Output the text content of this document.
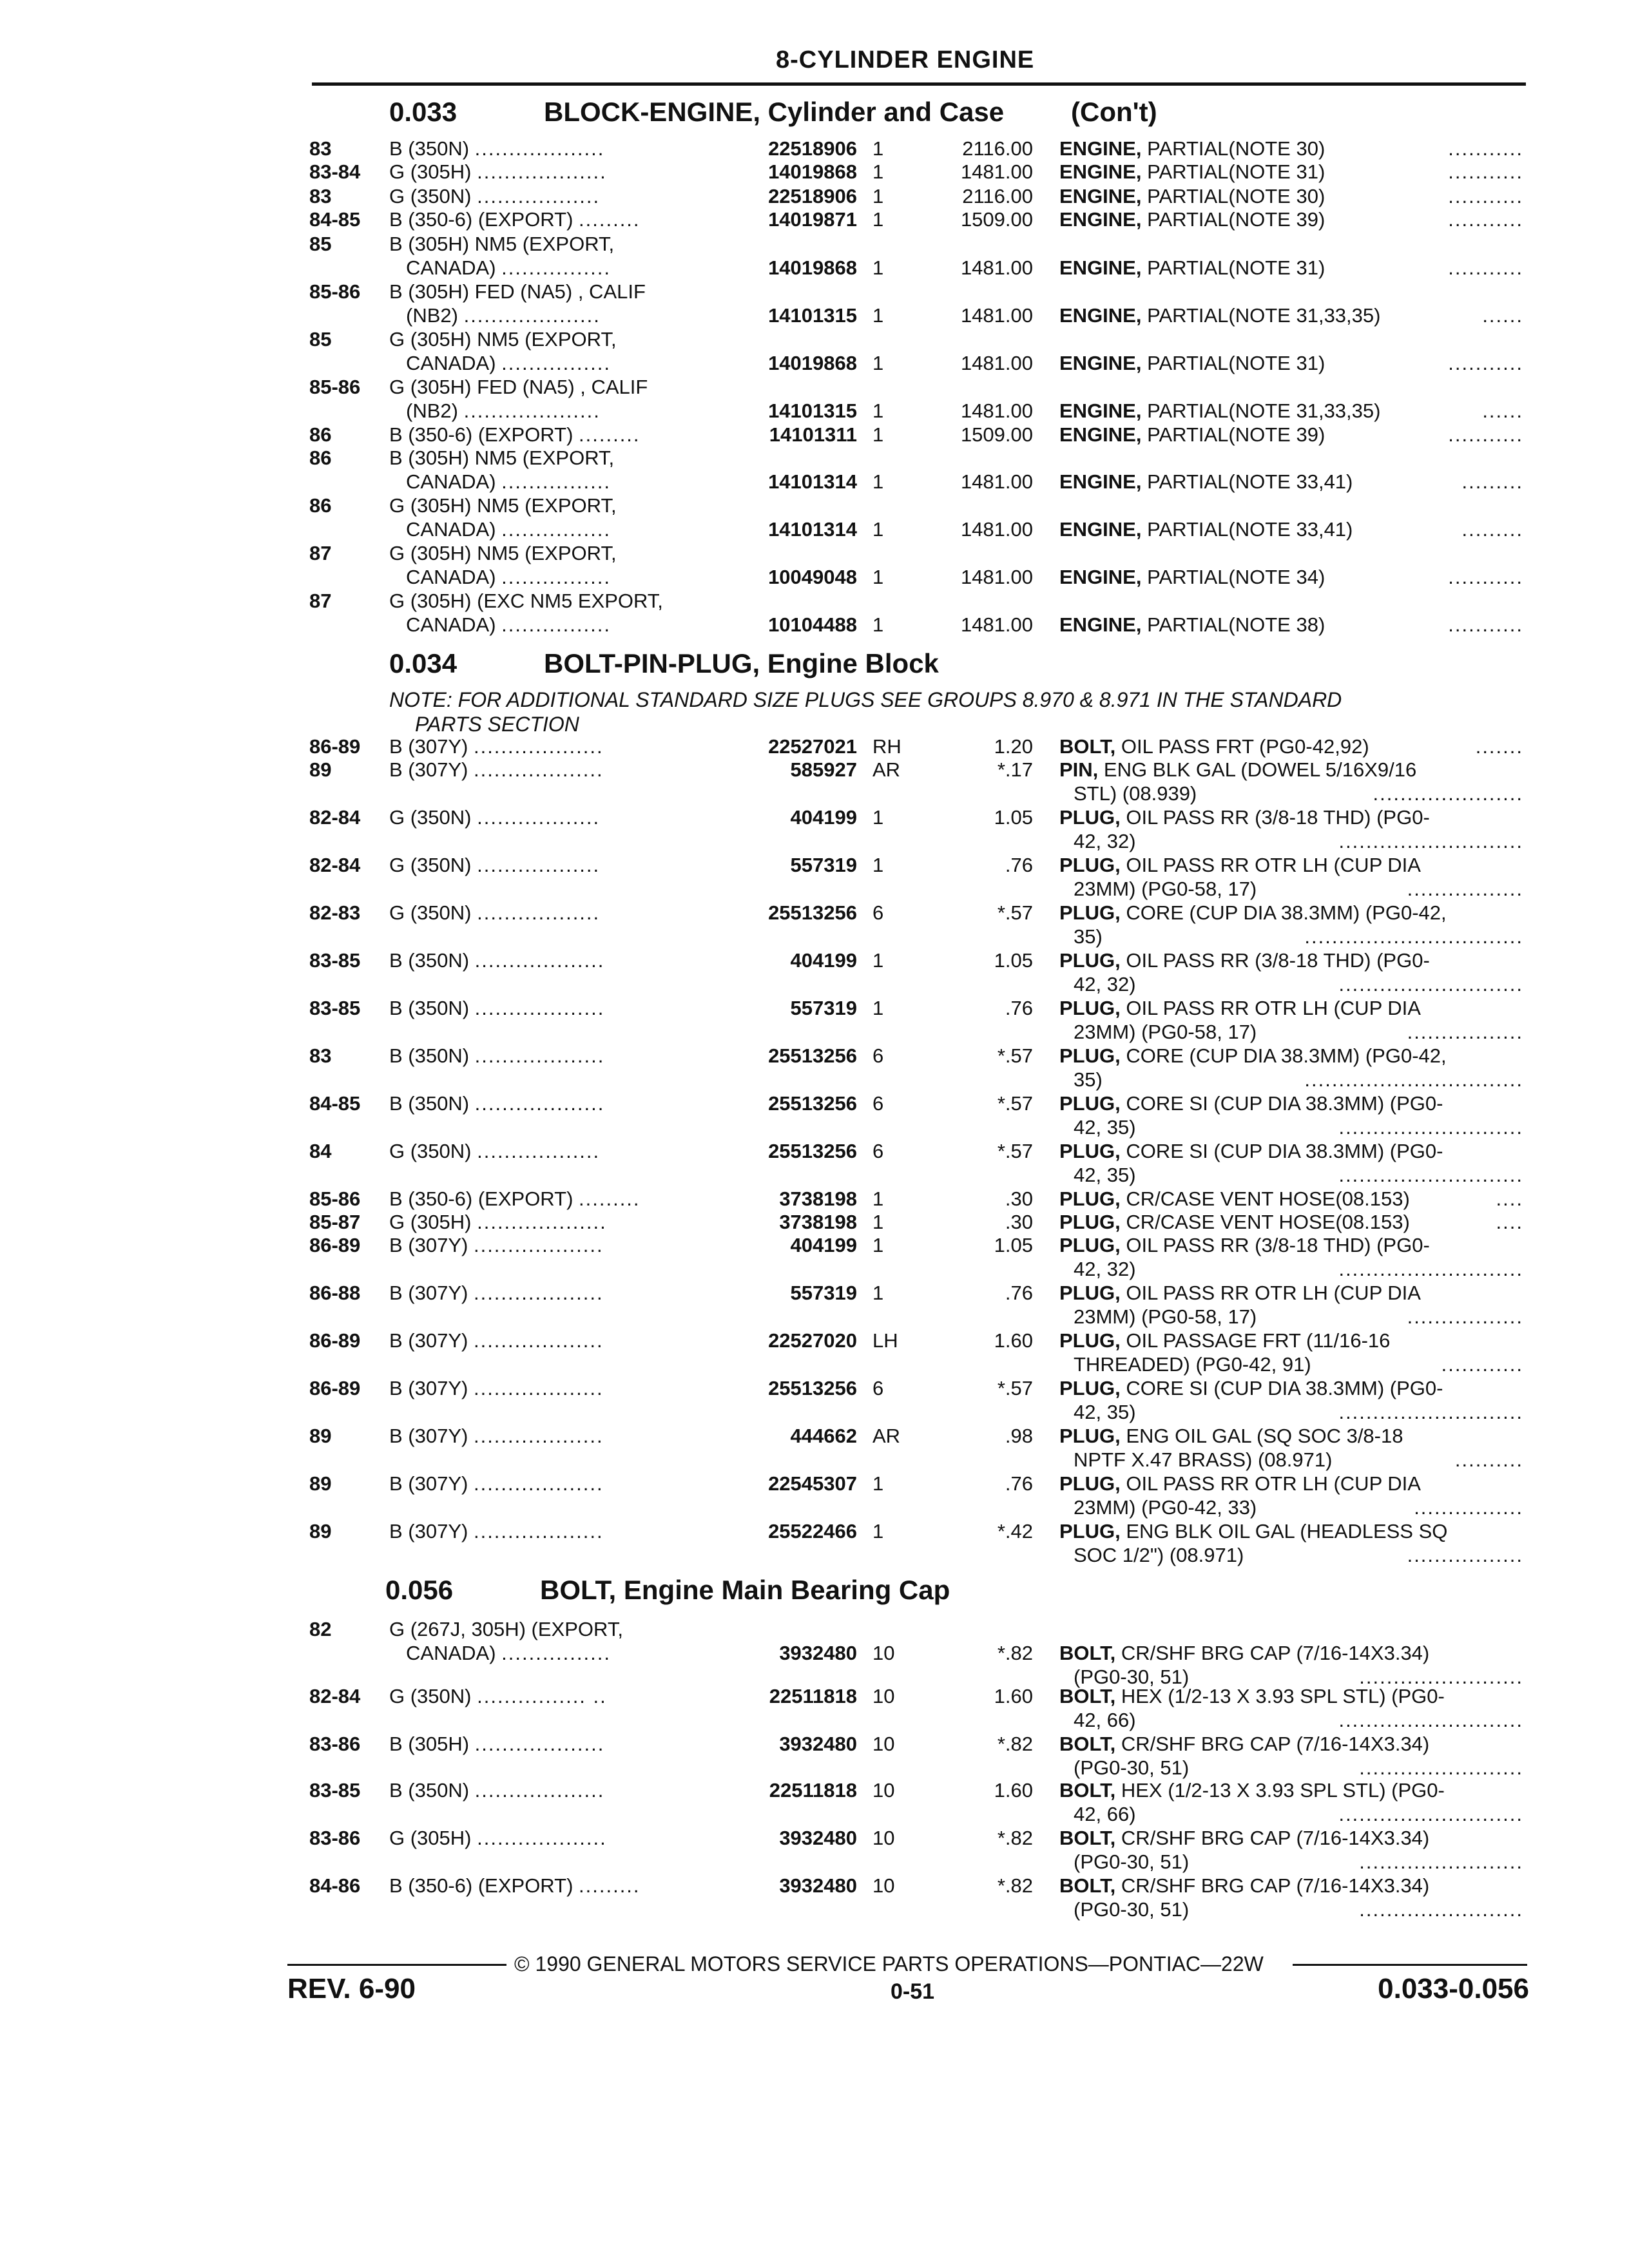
8-CYLINDER ENGINE
0.033	BLOCK-ENGINE, Cylinder and Case (Con't)
0.034	BOLT-PIN-PLUG, Engine Block
NOTE: FOR ADDITIONAL STANDARD SIZE PLUGS SEE GROUPS 8.970 & 8.971 IN THE STANDARD
PARTS SECTION
0.056	BOLT, Engine Main Bearing Cap
83	B (350N) ...................	22518906 1	2116.00 ENGINE, PARTIAL(NOTE 30)	...........
83-84 G (305H) ...................	14019868 1	1481.00 ENGINE, PARTIAL(NOTE 31)	...........
83	G (350N) ..................	22518906 1	2116.00 ENGINE, PARTIAL(NOTE 30)	...........
84-85 B (350-6) (EXPORT) .........	14019871 1	1509.00 ENGINE, PARTIAL(NOTE 39)	...........
85	B (305H) NM5 (EXPORT,
CANADA) ................	14019868 1	1481.00 ENGINE, PARTIAL(NOTE 31)	...........
85-86 B (305H) FED (NA5) , CALIF
(NB2) ....................	14101315 1	1481.00 ENGINE, PARTIAL(NOTE 31,33,35)	......
85	G (305H) NM5 (EXPORT,
CANADA) ................	14019868 1	1481.00 ENGINE, PARTIAL(NOTE 31)	...........
85-86 G (305H) FED (NA5) , CALIF
(NB2) ....................	14101315 1	1481.00 ENGINE, PARTIAL(NOTE 31,33,35)	......
86	B (350-6) (EXPORT) .........	14101311 1	1509.00 ENGINE, PARTIAL(NOTE 39)	...........
86	B (305H) NM5 (EXPORT,
CANADA) ................	14101314 1	1481.00 ENGINE, PARTIAL(NOTE 33,41)	.........
86	G (305H) NM5 (EXPORT,
CANADA) ................	14101314 1	1481.00 ENGINE, PARTIAL(NOTE 33,41)	.........
87	G (305H) NM5 (EXPORT,
CANADA) ................	10049048 1	1481.00 ENGINE, PARTIAL(NOTE 34)	...........
87	G (305H) (EXC NM5 EXPORT,
CANADA) ................	10104488 1	1481.00 ENGINE, PARTIAL(NOTE 38)	...........
86-89 B (307Y) ...................	22527021 RH	1.20 BOLT, OIL PASS FRT (PG0-42,92)	.......
89	B (307Y) ...................	585927 AR	*.17 PIN, ENG BLK GAL (DOWEL 5/16X9/16
STL) (08.939)	......................
82-84 G (350N) ..................	404199 1	1.05 PLUG, OIL PASS RR (3/8-18 THD) (PG0-
42, 32)	...........................
82-84 G (350N) ..................	557319 1	.76 PLUG, OIL PASS RR OTR LH (CUP DIA
23MM) (PG0-58, 17)	.................
82-83 G (350N) ..................	25513256 6	*.57 PLUG, CORE (CUP DIA 38.3MM) (PG0-42,
35)	................................
83-85 B (350N) ...................	404199 1	1.05 PLUG, OIL PASS RR (3/8-18 THD) (PG0-
42, 32)	...........................
83-85 B (350N) ...................	557319 1	.76 PLUG, OIL PASS RR OTR LH (CUP DIA
23MM) (PG0-58, 17)	.................
83	B (350N) ...................	25513256 6	*.57 PLUG, CORE (CUP DIA 38.3MM) (PG0-42,
35)	................................
84-85 B (350N) ...................	25513256 6	*.57 PLUG, CORE SI (CUP DIA 38.3MM) (PG0-
42, 35)	...........................
84	G (350N) ..................	25513256 6	*.57 PLUG, CORE SI (CUP DIA 38.3MM) (PG0-
42, 35)	...........................
85-86 B (350-6) (EXPORT) .........	3738198 1	.30 PLUG, CR/CASE VENT HOSE(08.153)	....
85-87 G (305H) ...................	3738198 1	.30 PLUG, CR/CASE VENT HOSE(08.153)	....
86-89 B (307Y) ...................	404199 1	1.05 PLUG, OIL PASS RR (3/8-18 THD) (PG0-
42, 32)	...........................
86-88 B (307Y) ...................	557319 1	.76 PLUG, OIL PASS RR OTR LH (CUP DIA
23MM) (PG0-58, 17)	.................
86-89 B (307Y) ...................	22527020 LH	1.60 PLUG, OIL PASSAGE FRT (11/16-16
THREADED) (PG0-42, 91)	............
86-89 B (307Y) ...................	25513256 6	*.57 PLUG, CORE SI (CUP DIA 38.3MM) (PG0-
42, 35)	...........................
89	B (307Y) ...................	444662 AR	.98 PLUG, ENG OIL GAL (SQ SOC 3/8-18
NPTF X.47 BRASS) (08.971)	..........
89	B (307Y) ...................	22545307 1	.76 PLUG, OIL PASS RR OTR LH (CUP DIA
23MM) (PG0-42, 33)	................
89	B (307Y) ...................	25522466 1	*.42 PLUG, ENG BLK OIL GAL (HEADLESS SQ
SOC 1/2") (08.971)	.................
82	G (267J, 305H) (EXPORT,
CANADA) ................	3932480 10	*.82 BOLT, CR/SHF BRG CAP (7/16-14X3.34)
(PG0-30, 51)	........................
82-84 G (350N) ................ ..	22511818 10	1.60 BOLT, HEX (1/2-13 X 3.93 SPL STL) (PG0-
42, 66)	...........................
83-86 B (305H) ...................	3932480 10	*.82 BOLT, CR/SHF BRG CAP (7/16-14X3.34)
(PG0-30, 51)	........................
83-85 B (350N) ...................	22511818 10	1.60 BOLT, HEX (1/2-13 X 3.93 SPL STL) (PG0-
42, 66)	...........................
83-86 G (305H) ...................	3932480 10	*.82 BOLT, CR/SHF BRG CAP (7/16-14X3.34)
(PG0-30, 51)	........................
84-86 B (350-6) (EXPORT) .........	3932480 10	*.82 BOLT, CR/SHF BRG CAP (7/16-14X3.34)
(PG0-30, 51)	........................
© 1990 GENERAL MOTORS SERVICE PARTS OPERATIONS—PONTIAC—22W
REV. 6-90	0-51	0.033-0.056
